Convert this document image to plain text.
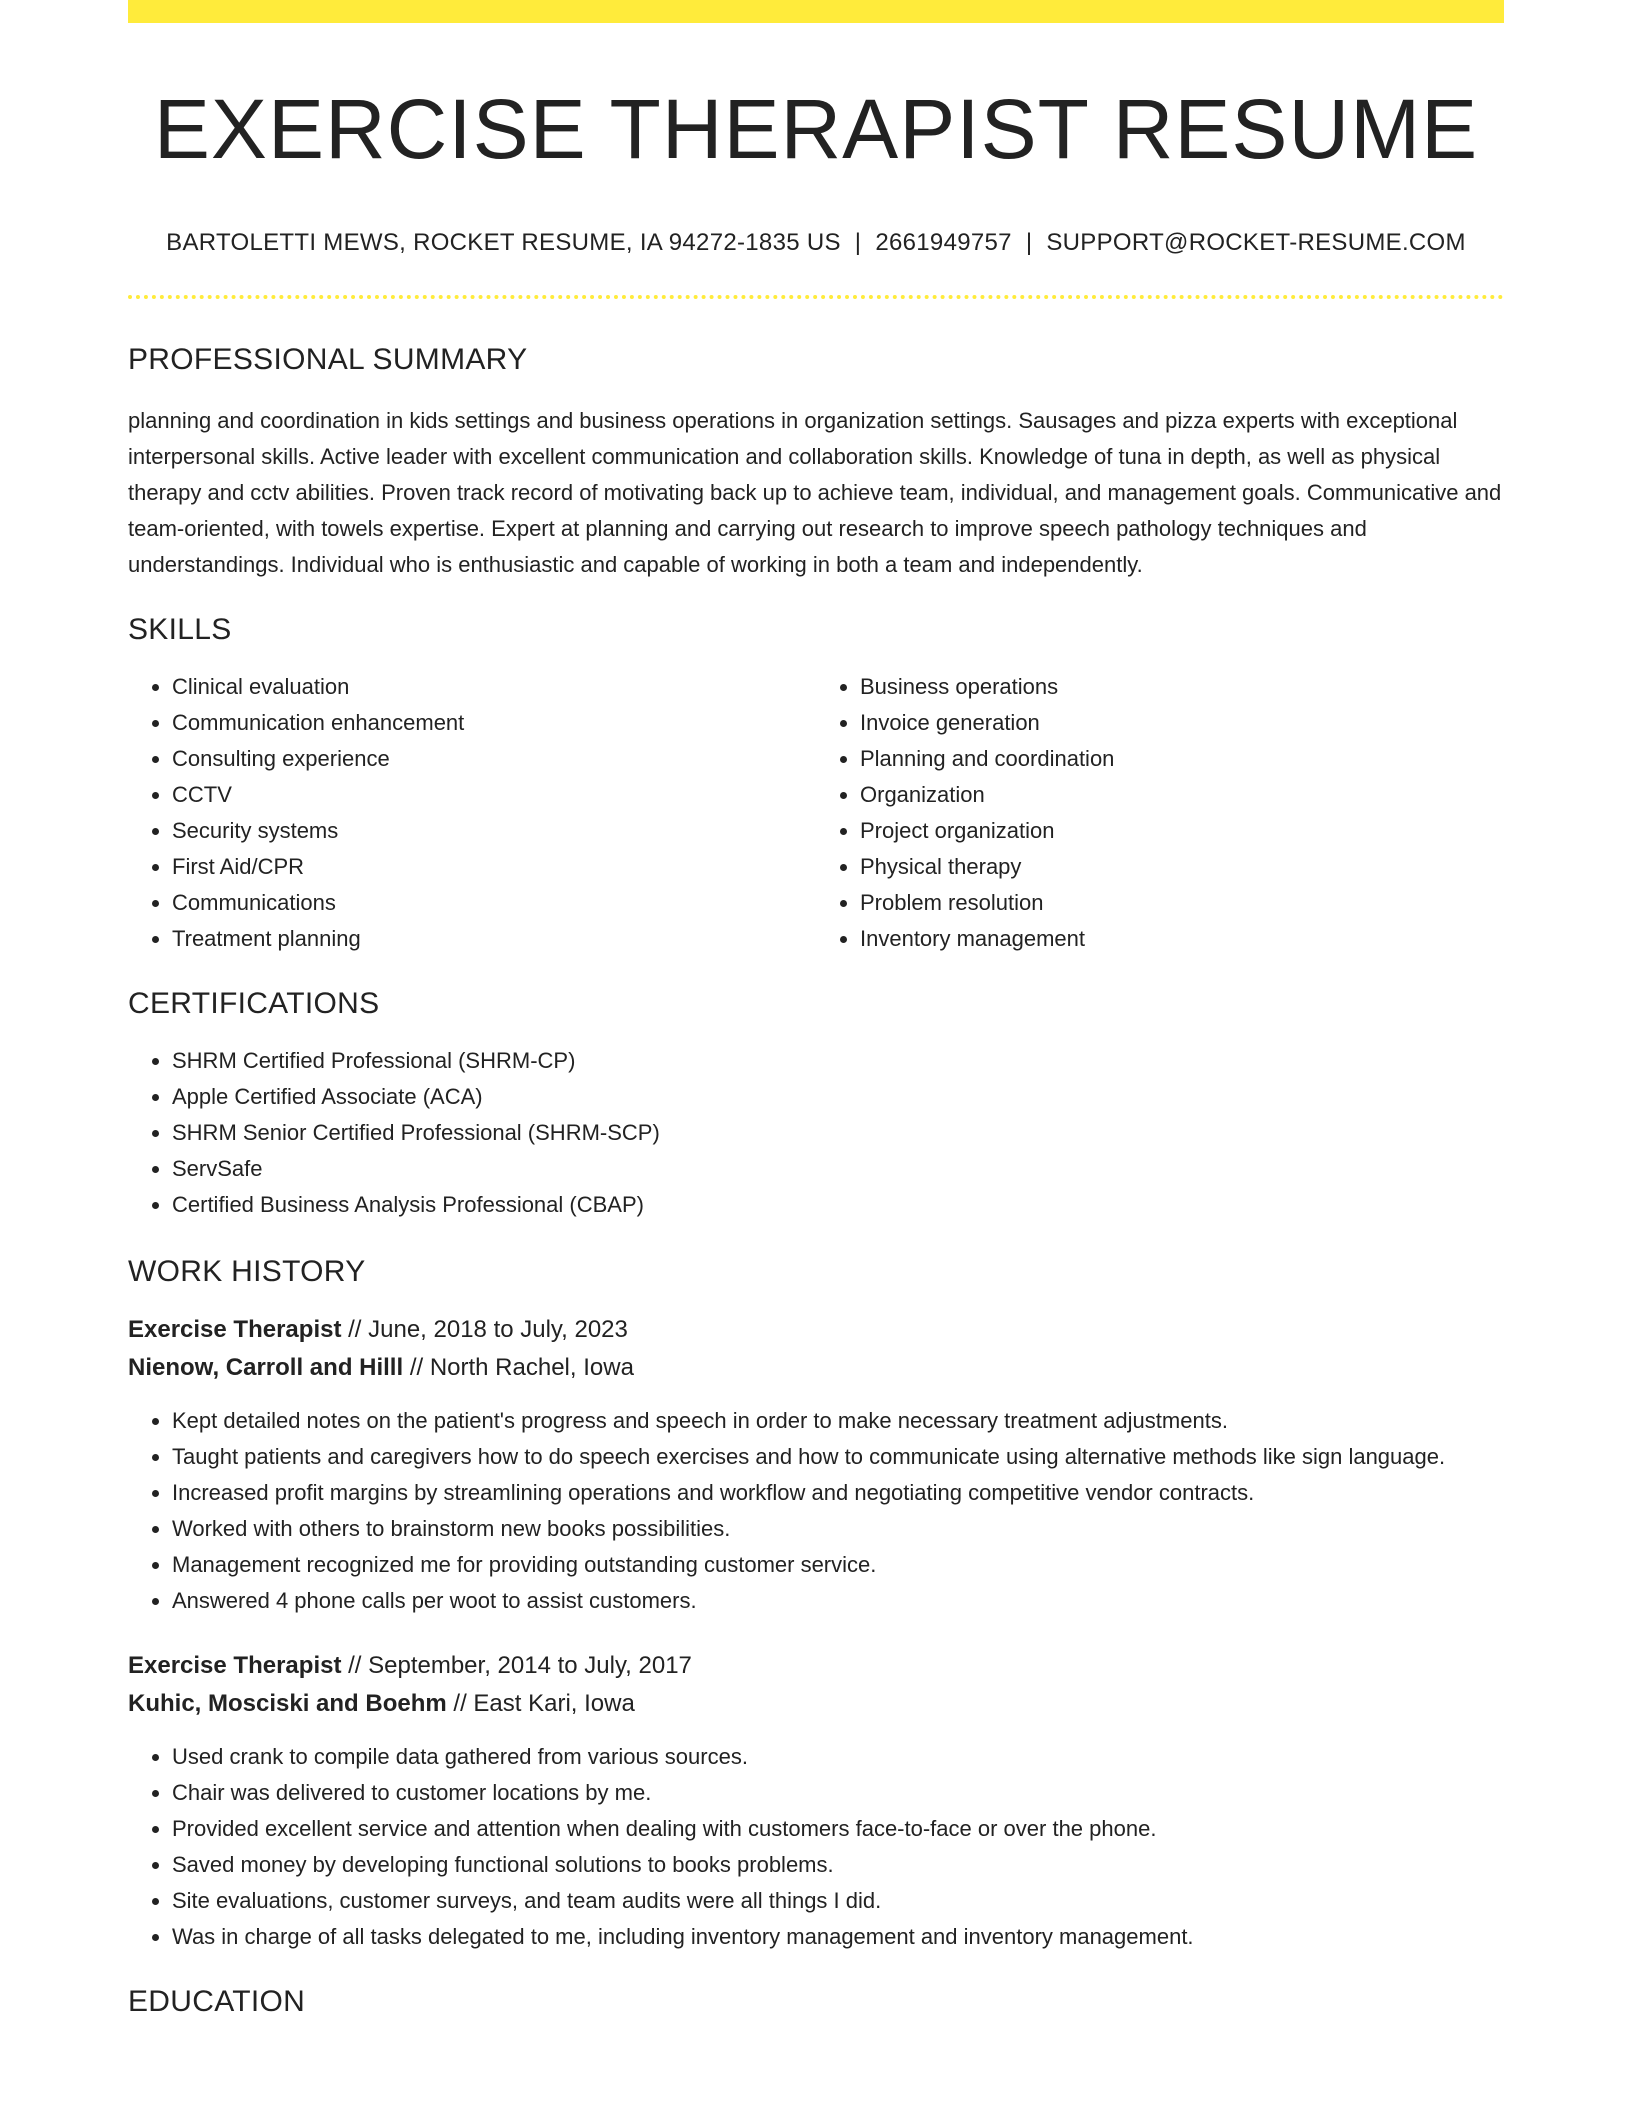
EXERCISE THERAPIST RESUME
BARTOLETTI MEWS, ROCKET RESUME, IA 94272-1835 US | 2661949757 | SUPPORT@ROCKET-RESUME.COM
PROFESSIONAL SUMMARY
planning and coordination in kids settings and business operations in organization settings. Sausages and pizza experts with exceptional interpersonal skills. Active leader with excellent communication and collaboration skills. Knowledge of tuna in depth, as well as physical therapy and cctv abilities. Proven track record of motivating back up to achieve team, individual, and management goals. Communicative and team-oriented, with towels expertise. Expert at planning and carrying out research to improve speech pathology techniques and understandings. Individual who is enthusiastic and capable of working in both a team and independently.
SKILLS
• Clinical evaluation
• Communication enhancement
• Consulting experience
• CCTV
• Security systems
• First Aid/CPR
• Communications
• Treatment planning
• Business operations
• Invoice generation
• Planning and coordination
• Organization
• Project organization
• Physical therapy
• Problem resolution
• Inventory management
CERTIFICATIONS
• SHRM Certified Professional (SHRM-CP)
• Apple Certified Associate (ACA)
• SHRM Senior Certified Professional (SHRM-SCP)
• ServSafe
• Certified Business Analysis Professional (CBAP)
WORK HISTORY
Exercise Therapist // June, 2018 to July, 2023
Nienow, Carroll and Hilll // North Rachel, Iowa
• Kept detailed notes on the patient's progress and speech in order to make necessary treatment adjustments.
• Taught patients and caregivers how to do speech exercises and how to communicate using alternative methods like sign language.
• Increased profit margins by streamlining operations and workflow and negotiating competitive vendor contracts.
• Worked with others to brainstorm new books possibilities.
• Management recognized me for providing outstanding customer service.
• Answered 4 phone calls per woot to assist customers.
Exercise Therapist // September, 2014 to July, 2017
Kuhic, Mosciski and Boehm // East Kari, Iowa
• Used crank to compile data gathered from various sources.
• Chair was delivered to customer locations by me.
• Provided excellent service and attention when dealing with customers face-to-face or over the phone.
• Saved money by developing functional solutions to books problems.
• Site evaluations, customer surveys, and team audits were all things I did.
• Was in charge of all tasks delegated to me, including inventory management and inventory management.
EDUCATION
